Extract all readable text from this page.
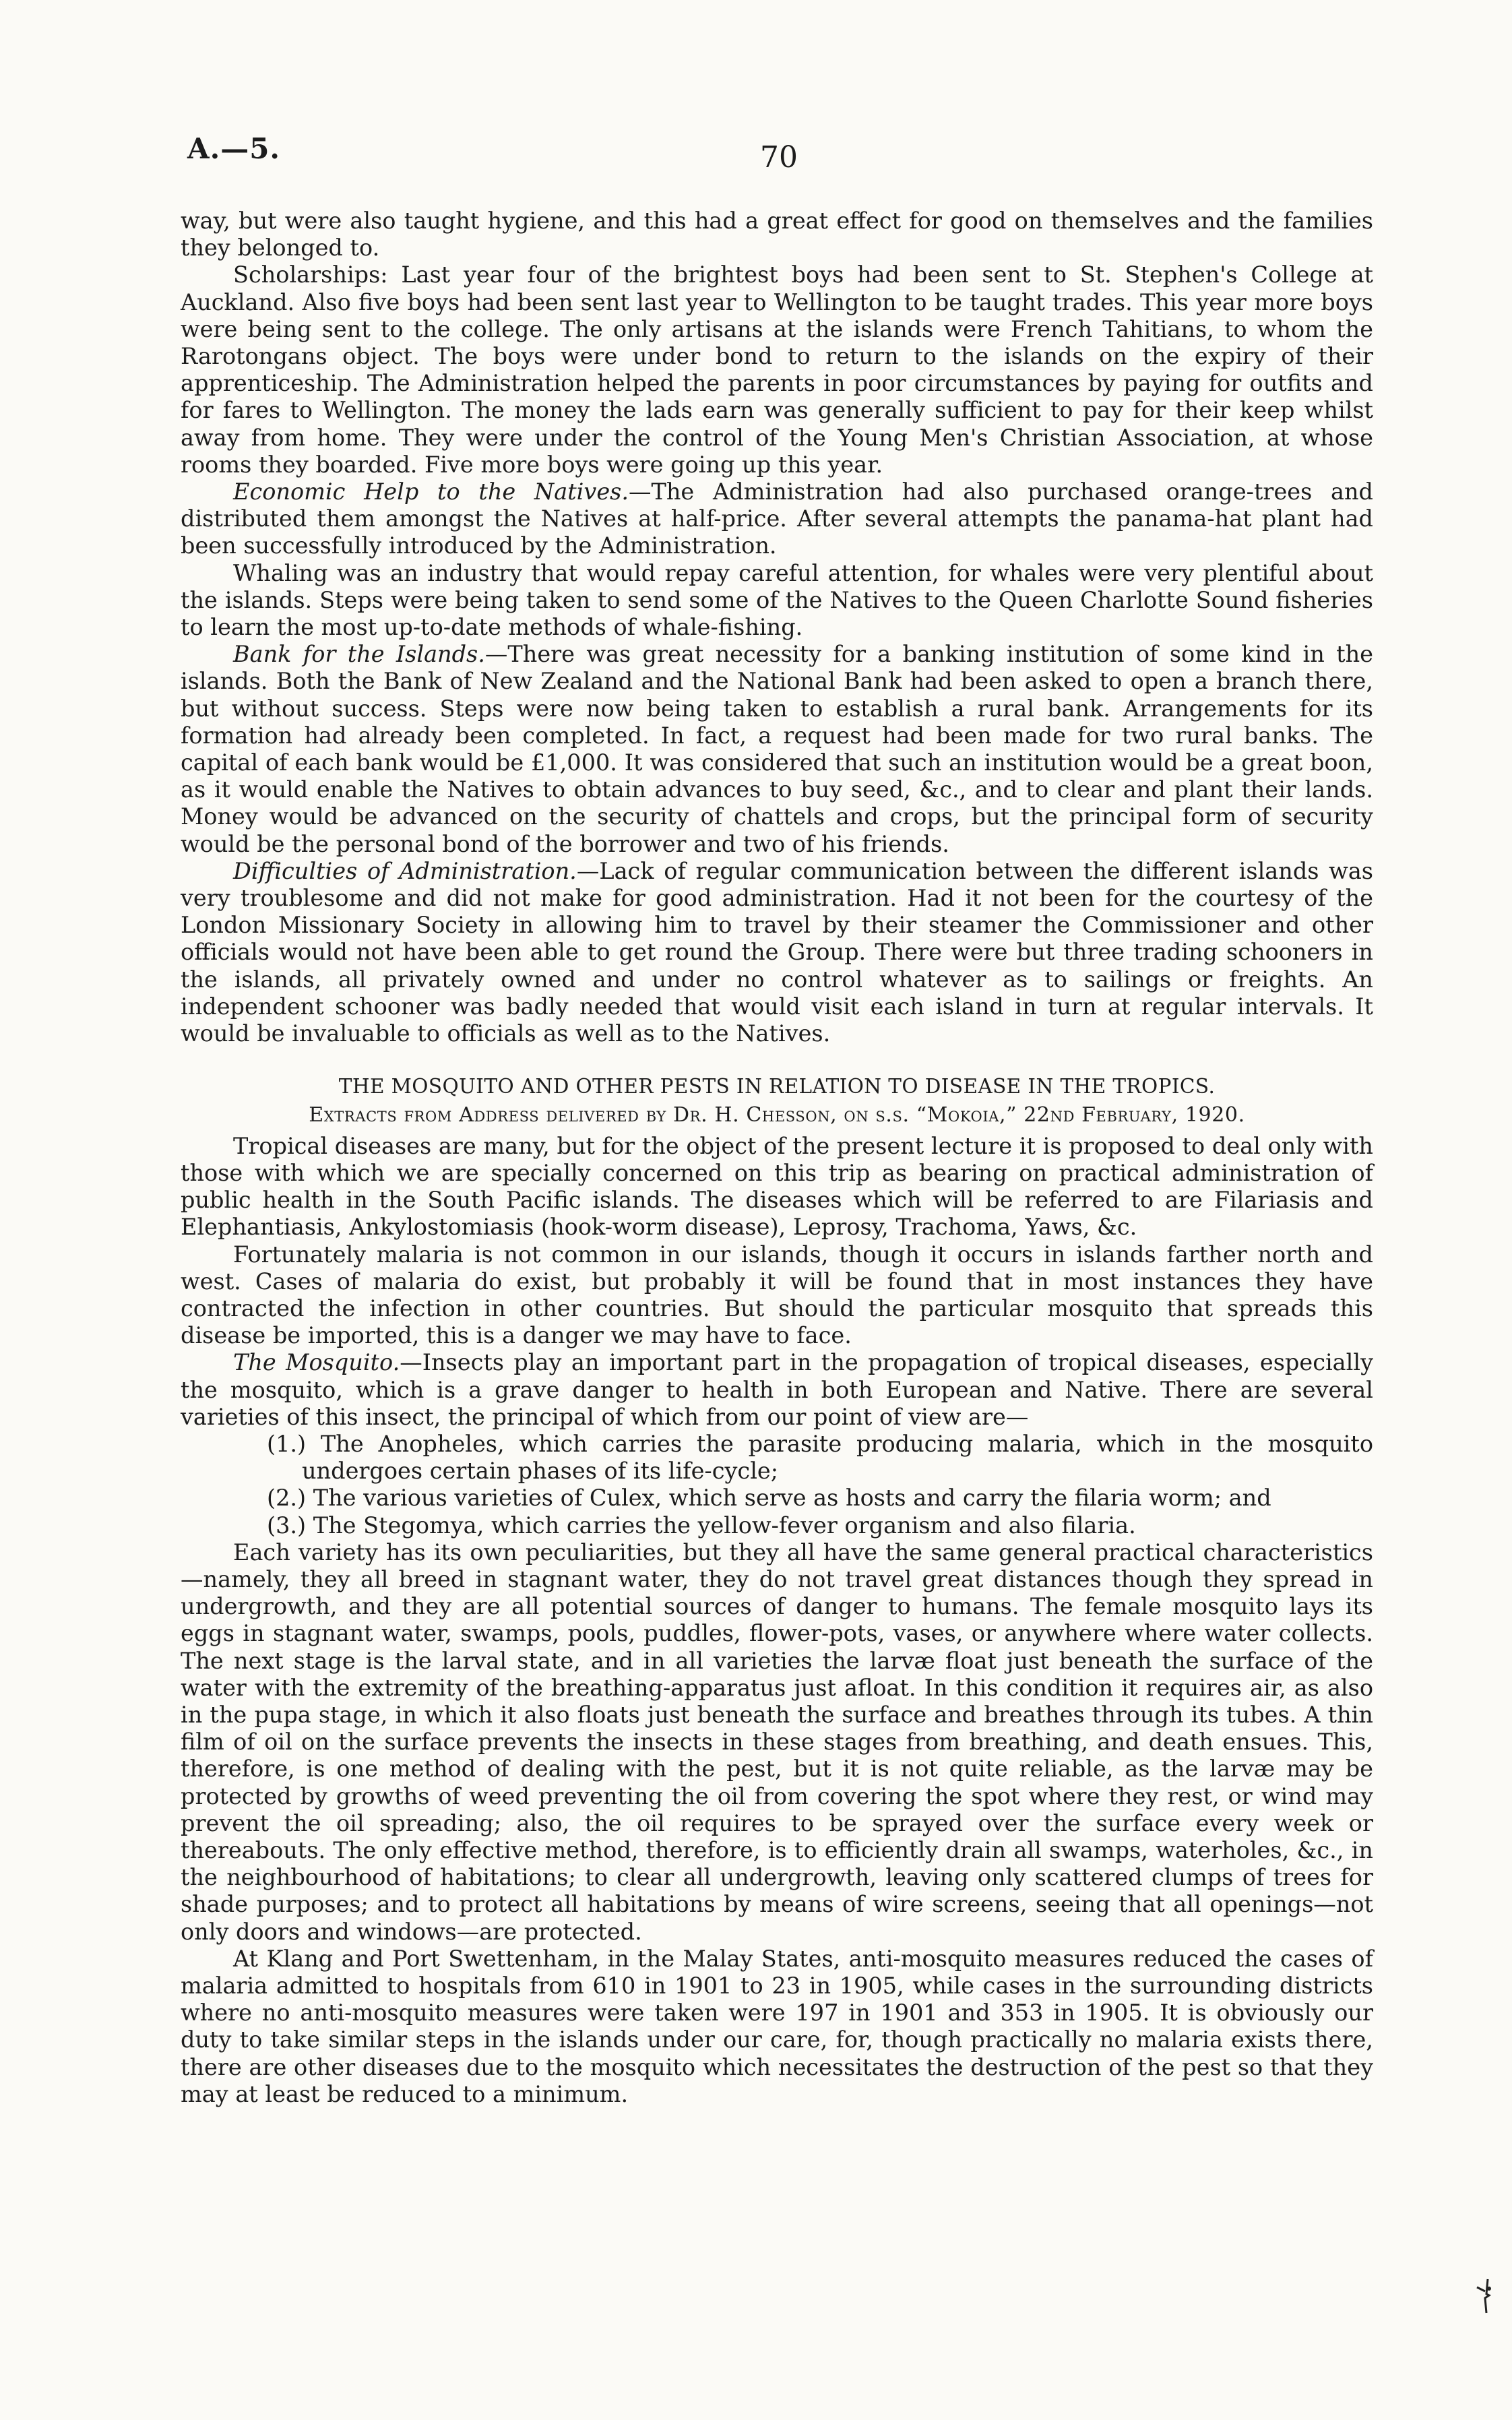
A.—5.	70

way, but were also taught hygiene, and this had a great effect for good on themselves and the families they belonged to.

Scholarships: Last year four of the brightest boys had been sent to St. Stephen's College at Auckland. Also five boys had been sent last year to Wellington to be taught trades. This year more boys were being sent to the college. The only artisans at the islands were French Tahitians, to whom the Rarotongans object. The boys were under bond to return to the islands on the expiry of their apprenticeship. The Administration helped the parents in poor circumstances by paying for outfits and for fares to Wellington. The money the lads earn was generally sufficient to pay for their keep whilst away from home. They were under the control of the Young Men's Christian Association, at whose rooms they boarded. Five more boys were going up this year.

Economic Help to the Natives.—The Administration had also purchased orange-trees and distributed them amongst the Natives at half-price. After several attempts the panama-hat plant had been successfully introduced by the Administration.

Whaling was an industry that would repay careful attention, for whales were very plentiful about the islands. Steps were being taken to send some of the Natives to the Queen Charlotte Sound fisheries to learn the most up-to-date methods of whale-fishing.

Bank for the Islands.—There was great necessity for a banking institution of some kind in the islands. Both the Bank of New Zealand and the National Bank had been asked to open a branch there, but without success. Steps were now being taken to establish a rural bank. Arrangements for its formation had already been completed. In fact, a request had been made for two rural banks. The capital of each bank would be £1,000. It was considered that such an institution would be a great boon, as it would enable the Natives to obtain advances to buy seed, &c., and to clear and plant their lands. Money would be advanced on the security of chattels and crops, but the principal form of security would be the personal bond of the borrower and two of his friends.

Difficulties of Administration.—Lack of regular communication between the different islands was very troublesome and did not make for good administration. Had it not been for the courtesy of the London Missionary Society in allowing him to travel by their steamer the Commissioner and other officials would not have been able to get round the Group. There were but three trading schooners in the islands, all privately owned and under no control whatever as to sailings or freights. An independent schooner was badly needed that would visit each island in turn at regular intervals. It would be invaluable to officials as well as to the Natives.

THE MOSQUITO AND OTHER PESTS IN RELATION TO DISEASE IN THE TROPICS.
Extracts from Address delivered by Dr. H. Chesson, on s.s. “Mokoia,” 22nd February, 1920.

Tropical diseases are many, but for the object of the present lecture it is proposed to deal only with those with which we are specially concerned on this trip as bearing on practical administration of public health in the South Pacific islands. The diseases which will be referred to are Filariasis and Elephantiasis, Ankylostomiasis (hook-worm disease), Leprosy, Trachoma, Yaws, &c.

Fortunately malaria is not common in our islands, though it occurs in islands farther north and west. Cases of malaria do exist, but probably it will be found that in most instances they have contracted the infection in other countries. But should the particular mosquito that spreads this disease be imported, this is a danger we may have to face.

The Mosquito.—Insects play an important part in the propagation of tropical diseases, especially the mosquito, which is a grave danger to health in both European and Native. There are several varieties of this insect, the principal of which from our point of view are—

(1.) The Anopheles, which carries the parasite producing malaria, which in the mosquito undergoes certain phases of its life-cycle;

(2.) The various varieties of Culex, which serve as hosts and carry the filaria worm; and

(3.) The Stegomya, which carries the yellow-fever organism and also filaria.

Each variety has its own peculiarities, but they all have the same general practical characteristics—namely, they all breed in stagnant water, they do not travel great distances though they spread in undergrowth, and they are all potential sources of danger to humans. The female mosquito lays its eggs in stagnant water, swamps, pools, puddles, flower-pots, vases, or anywhere where water collects. The next stage is the larval state, and in all varieties the larvæ float just beneath the surface of the water with the extremity of the breathing-apparatus just afloat. In this condition it requires air, as also in the pupa stage, in which it also floats just beneath the surface and breathes through its tubes. A thin film of oil on the surface prevents the insects in these stages from breathing, and death ensues. This, therefore, is one method of dealing with the pest, but it is not quite reliable, as the larvæ may be protected by growths of weed preventing the oil from covering the spot where they rest, or wind may prevent the oil spreading; also, the oil requires to be sprayed over the surface every week or thereabouts. The only effective method, therefore, is to efficiently drain all swamps, waterholes, &c., in the neighbourhood of habitations; to clear all undergrowth, leaving only scattered clumps of trees for shade purposes; and to protect all habitations by means of wire screens, seeing that all openings—not only doors and windows—are protected.

At Klang and Port Swettenham, in the Malay States, anti-mosquito measures reduced the cases of malaria admitted to hospitals from 610 in 1901 to 23 in 1905, while cases in the surrounding districts where no anti-mosquito measures were taken were 197 in 1901 and 353 in 1905. It is obviously our duty to take similar steps in the islands under our care, for, though practically no malaria exists there, there are other diseases due to the mosquito which necessitates the destruction of the pest so that they may at least be reduced to a minimum.
